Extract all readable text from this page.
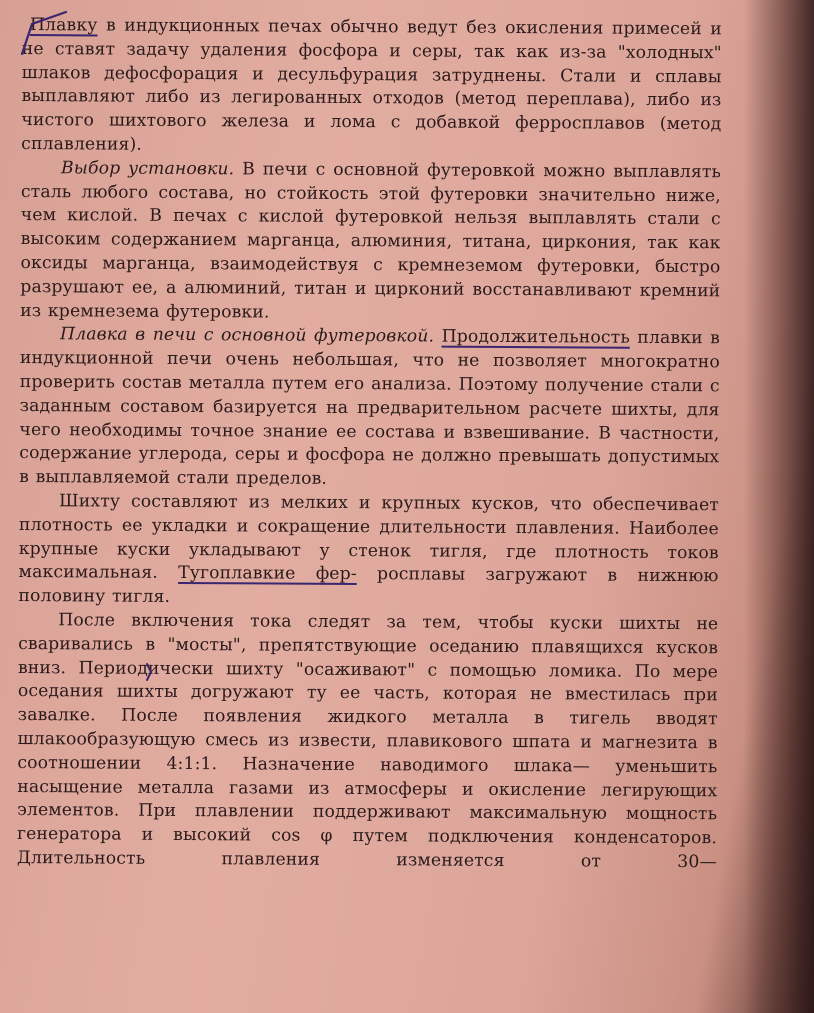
Плавку в индукционных печах обычно ведут без окисления примесей и не ставят задачу удаления фосфора и серы, так как из-за "холодных" шлаков дефосфорация и десульфурация затруднены. Стали и сплавы выплавляют либо из легированных отходов (метод переплава), либо из чистого шихтового железа и лома с добавкой ферросплавов (метод сплавления).

Выбор установки. В печи с основной футеровкой можно выплавлять сталь любого состава, но стойкость этой футеровки значительно ниже, чем кислой. В печах с кислой футеровкой нельзя выплавлять стали с высоким содержанием марганца, алюминия, титана, циркония, так как оксиды марганца, взаимодействуя с кремнеземом футеровки, быстро разрушают ее, а алюминий, титан и цирконий восстанавливают кремний из кремнезема футеровки.

Плавка в печи с основной футеровкой. Продолжительность плавки в индукционной печи очень небольшая, что не позволяет многократно проверить состав металла путем его анализа. Поэтому получение стали с заданным составом базируется на предварительном расчете шихты, для чего необходимы точное знание ее состава и взвешивание. В частности, содержание углерода, серы и фосфора не должно превышать допустимых в выплавляемой стали пределов.

Шихту составляют из мелких и крупных кусков, что обеспечивает плотность ее укладки и сокращение длительности плавления. Наиболее крупные куски укладывают у стенок тигля, где плотность токов максимальная. Тугоплавкие фер- росплавы загружают в нижнюю половину тигля.

После включения тока следят за тем, чтобы куски шихты не сваривались в "мосты", препятствующие оседанию плавящихся кусков вниз. Периодически шихту "осаживают" с помощью ломика. По мере оседания шихты догружают ту ее часть, которая не вместилась при завалке. После появления жидкого металла в тигель вводят шлакообразующую смесь из извести, плавикового шпата и магнезита в соотношении 4:1:1. Назначение наводимого шлака— уменьшить насыщение металла газами из атмосферы и окисление легирующих элементов. При плавлении поддерживают максимальную мощность генератора и высокий cos φ путем подключения конденсаторов. Длительность плавления изменяется от 30—
